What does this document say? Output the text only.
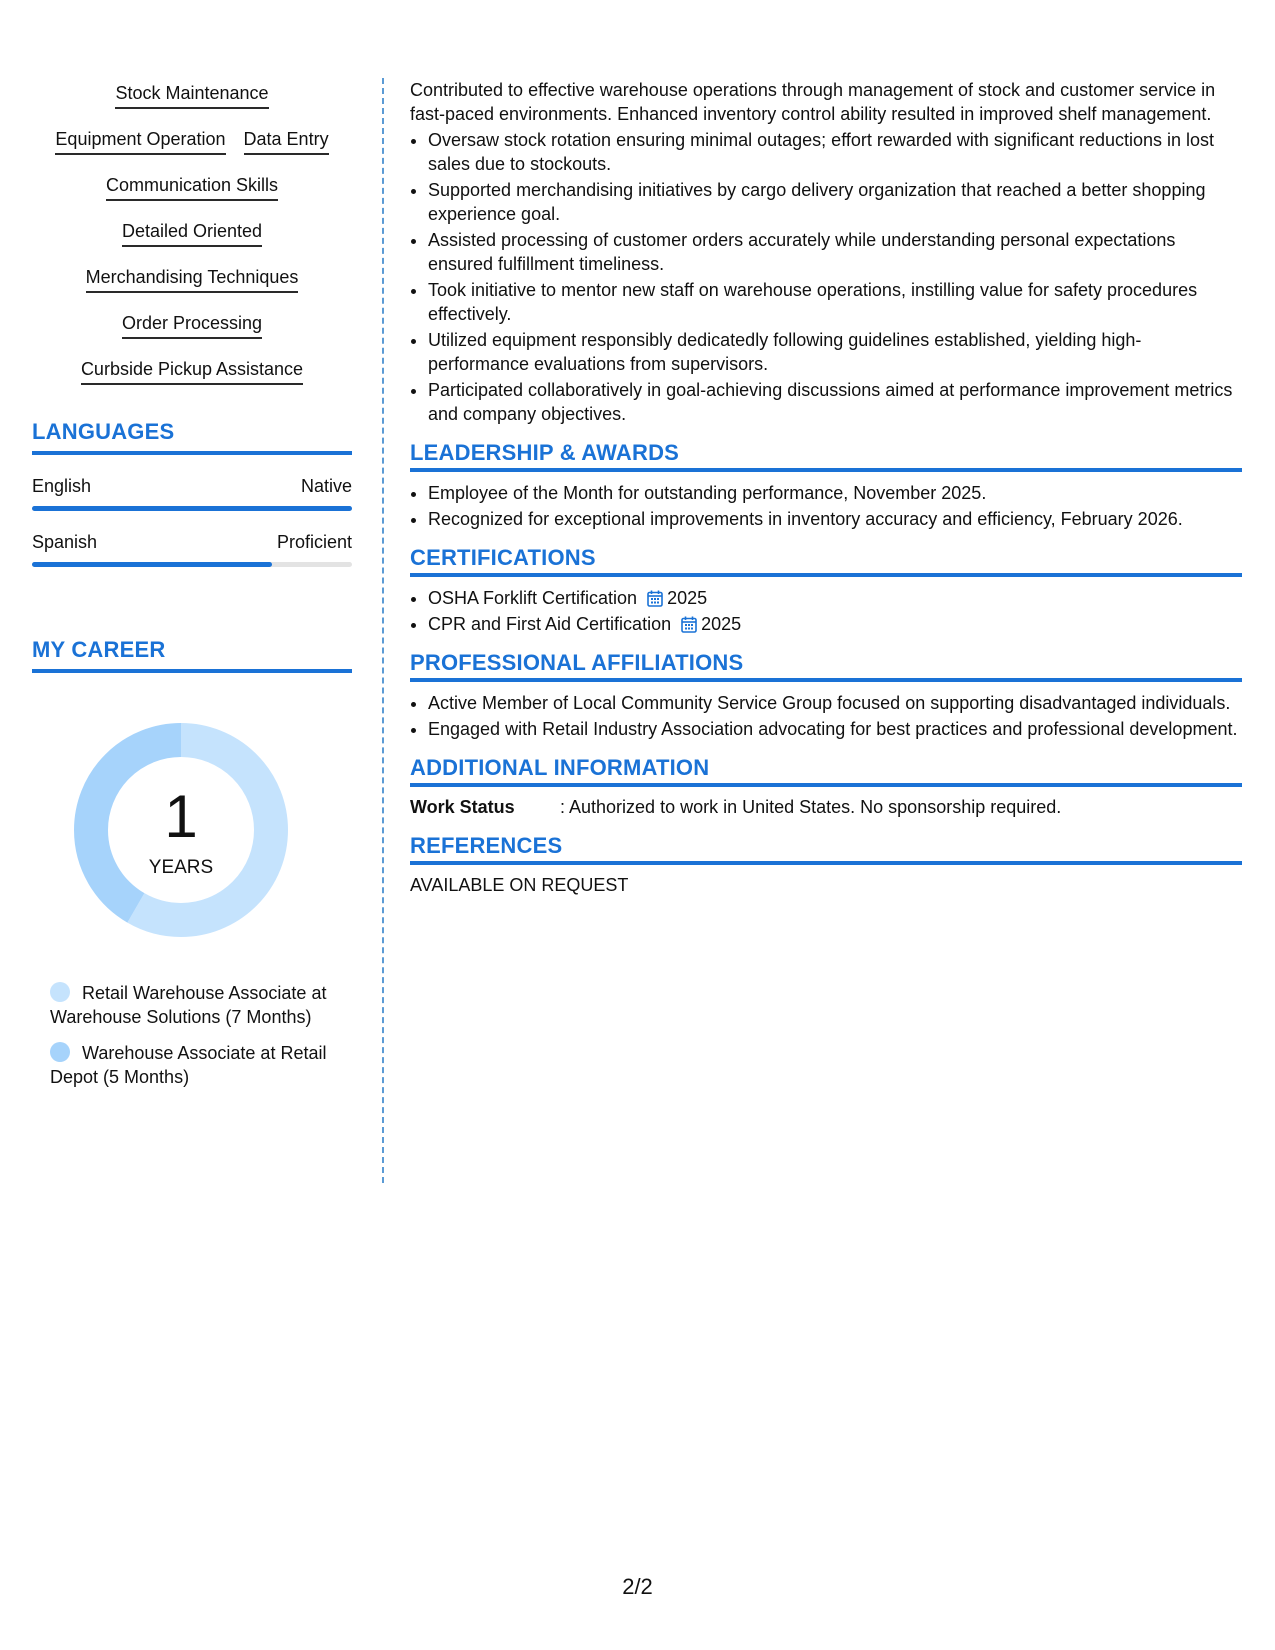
Stock Maintenance
Equipment Operation Data Entry
Communication Skills
Detailed Oriented
Merchandising Techniques
Order Processing
Curbside Pickup Assistance
LANGUAGES
English	Native
Spanish	Proficient
MY CAREER
1
YEARS
Retail Warehouse Associate at Warehouse Solutions (7 Months)
Warehouse Associate at Retail Depot (5 Months)

Contributed to effective warehouse operations through management of stock and customer service in fast-paced environments. Enhanced inventory control ability resulted in improved shelf management.

• Oversaw stock rotation ensuring minimal outages; effort rewarded with significant reductions in lost sales due to stockouts.
• Supported merchandising initiatives by cargo delivery organization that reached a better shopping experience goal.
• Assisted processing of customer orders accurately while understanding personal expectations ensured fulfillment timeliness.
• Took initiative to mentor new staff on warehouse operations, instilling value for safety procedures effectively.
• Utilized equipment responsibly dedicatedly following guidelines established, yielding high-performance evaluations from supervisors.
• Participated collaboratively in goal-achieving discussions aimed at performance improvement metrics and company objectives.
LEADERSHIP & AWARDS
• Employee of the Month for outstanding performance, November 2025.
• Recognized for exceptional improvements in inventory accuracy and efficiency, February 2026.
CERTIFICATIONS
• OSHA Forklift Certification 2025
• CPR and First Aid Certification 2025
PROFESSIONAL AFFILIATIONS
• Active Member of Local Community Service Group focused on supporting disadvantaged individuals.
• Engaged with Retail Industry Association advocating for best practices and professional development.
ADDITIONAL INFORMATION
Work Status	: Authorized to work in United States. No sponsorship required.
REFERENCES
AVAILABLE ON REQUEST
2/2
